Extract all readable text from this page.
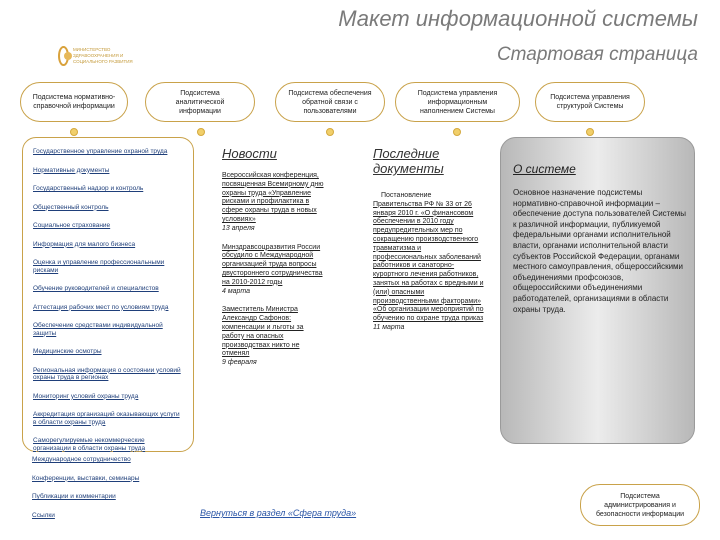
Макет информационной системы
Стартовая страница
МИНИСТЕРСТВО ЗДРАВООХРАНЕНИЯ И СОЦИАЛЬНОГО РАЗВИТИЯ
Подсистема нормативно-справочной информации
Подсистема аналитической информации
Подсистема обеспечения обратной связи с пользователями
Подсистема управления информационным наполнением Системы
Подсистема управления структурой Системы
Государственное управление охраной труда
Нормативные документы
Государственный надзор и контроль
Общественный контроль
Социальное страхование
Информация для малого бизнеса
Оценка и управление профессиональными рисками
Обучение руководителей и специалистов
Аттестация рабочих мест по условиям труда
Обеспечение средствами индивидуальной защиты
Медицинские осмотры
Региональная информация о состоянии условий охраны труда в регионах
Мониторинг условий охраны труда
Аккредитация организаций оказывающих услуги в области охраны труда
Саморегулируемые некоммерческие организации в области охраны труда
Международное сотрудничество
Конференции, выставки, семинары
Публикации и комментарии
Ссылки
Новости
Всероссийская конференция, посвященная Всемирному дню охраны труда «Управление рисками и профилактика в сфере охраны труда в новых условиях»
13 апреля
Минздравсоцразвития России обсудило с Международной организацией труда вопросы двустороннего сотрудничества на 2010-2012 годы
4 марта
Заместитель Министра Александр Сафонов: компенсации и льготы за работу на опасных производствах никто не отменял
9 февраля
Последние документы
Постановление
Правительства РФ № 33 от 26 января 2010 г. «О финансовом обеспечении в 2010 году предупредительных мер по сокращению производственного травматизма и профессиональных заболеваний работников и санаторно-курортного лечения работников, занятых на работах с вредными и (или) опасными производственными факторами» «Об организации мероприятий по обучению по охране труда приказ
11 марта
О системе
Основное назначение подсистемы нормативно-справочной информации – обеспечение доступа пользователей Системы к различной информации, публикуемой федеральными органами исполнительной власти, органами исполнительной власти субъектов Российской Федерации, органами местного самоуправления, общероссийскими объединениями профсоюзов, общероссийскими объединениями работодателей, организациями в области охраны труда.
Вернуться в раздел «Сфера труда»
Подсистема администрирования и безопасности информации
